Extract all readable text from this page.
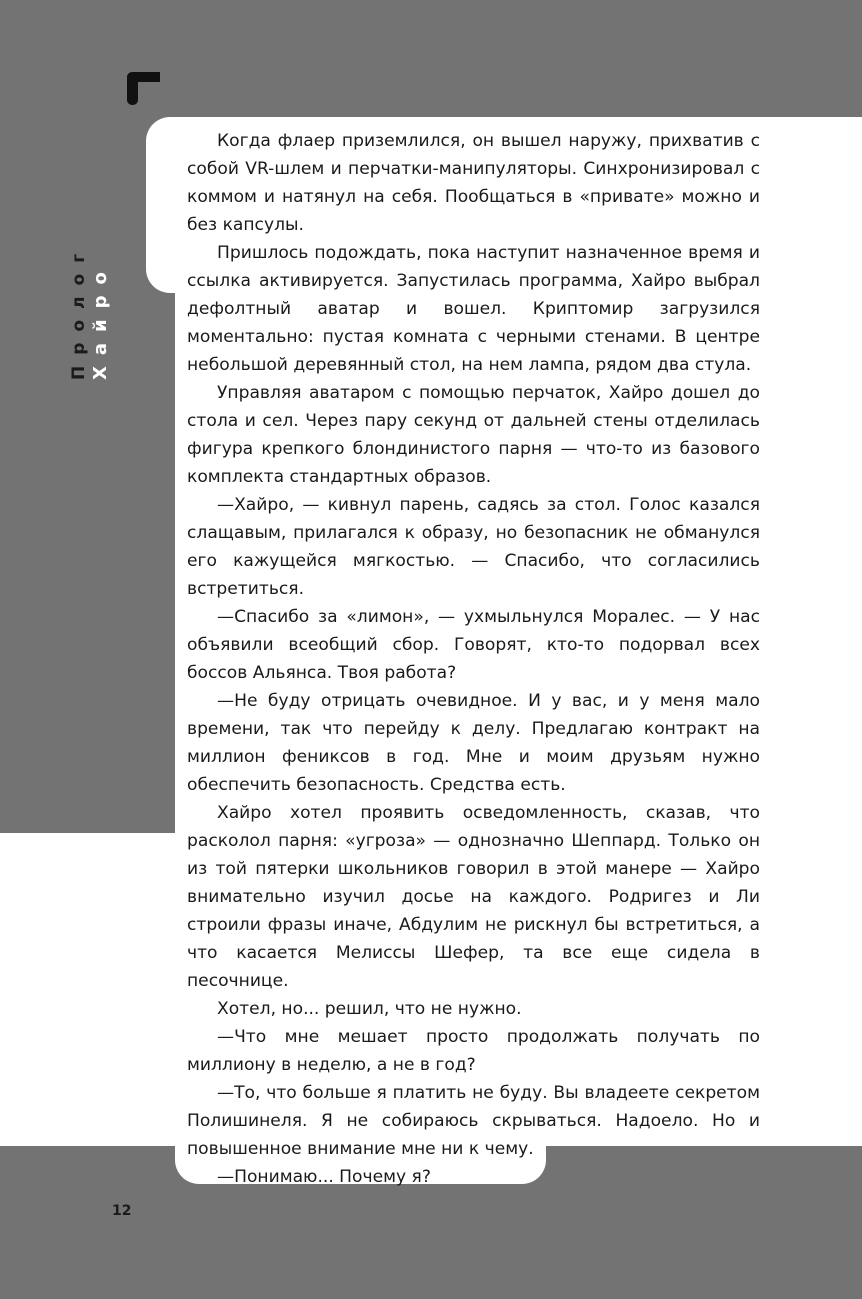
Пролог Хайро

Когда флаер приземлился, он вышел наружу, прихватив с собой VR-шлем и перчатки-манипуляторы. Синхронизировал с коммом и натянул на себя. Пообщаться в «привате» можно и без капсулы.

Пришлось подождать, пока наступит назначенное время и ссылка активируется. Запустилась программа, Хайро выбрал дефолтный аватар и вошел. Криптомир загрузился моментально: пустая комната с черными стенами. В центре небольшой деревянный стол, на нем лампа, рядом два стула.

Управляя аватаром с помощью перчаток, Хайро дошел до стола и сел. Через пару секунд от дальней стены отделилась фигура крепкого блондинистого парня — что-то из базового комплекта стандартных образов.

—Хайро, — кивнул парень, садясь за стол. Голос казался слащавым, прилагался к образу, но безопасник не обманулся его кажущейся мягкостью. — Спасибо, что согласились встретиться.

—Спасибо за «лимон», — ухмыльнулся Моралес. — У нас объявили всеобщий сбор. Говорят, кто-то подорвал всех боссов Альянса. Твоя работа?

—Не буду отрицать очевидное. И у вас, и у меня мало времени, так что перейду к делу. Предлагаю контракт на миллион фениксов в год. Мне и моим друзьям нужно обеспечить безопасность. Средства есть.

Хайро хотел проявить осведомленность, сказав, что расколол парня: «угроза» — однозначно Шеппард. Только он из той пятерки школьников говорил в этой манере — Хайро внимательно изучил досье на каждого. Родригез и Ли строили фразы иначе, Абдулим не рискнул бы встретиться, а что касается Мелиссы Шефер, та все еще сидела в песочнице.

Хотел, но... решил, что не нужно.

—Что мне мешает просто продолжать получать по миллиону в неделю, а не в год?

—То, что больше я платить не буду. Вы владеете секретом Полишинеля. Я не собираюсь скрываться. Надоело. Но и повышенное внимание мне ни к чему.

—Понимаю... Почему я?

12
